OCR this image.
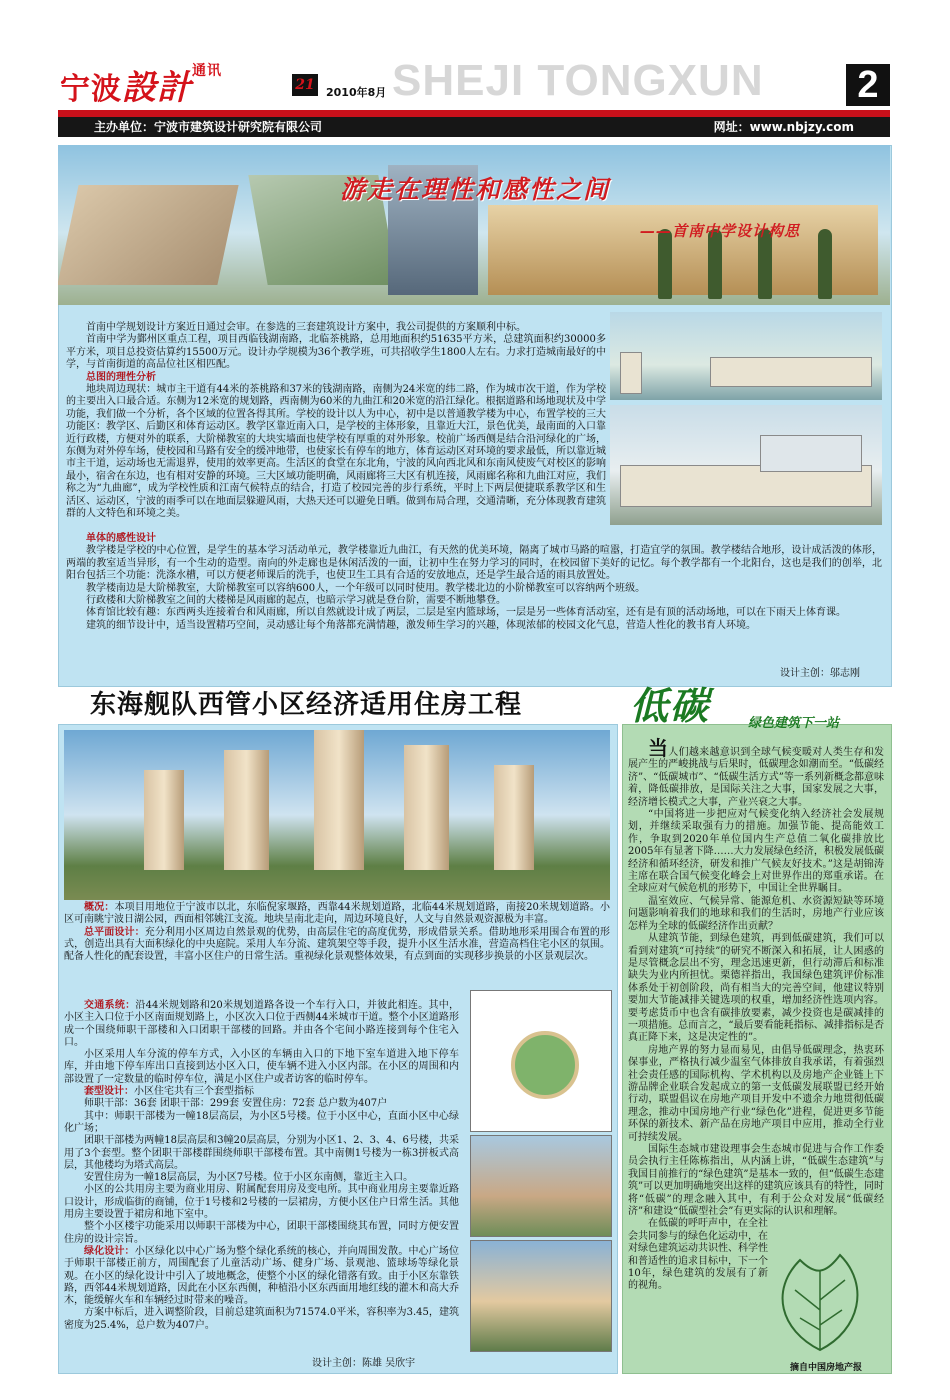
宁波設計$^{通讯}$
21 2010年8月 SHEJI TONGXUN	2
主办单位：宁波市建筑设计研究院有限公司	网址：www.nbjzy.com
游走在理性和感性之间
——首南中学设计构思

首南中学规划设计方案近日通过会审。在参选的三套建筑设计方案中，我公司提供的方案顺利中标。

首南中学为鄞州区重点工程，项目西临钱湖南路，北临茶桃路，总用地面积约51635平方米，总建筑面积约30000多平方米，项目总投资估算约15500万元。设计办学规模为36个教学班，可共招收学生1800人左右。力求打造城南最好的中学，与首南街道的高品位社区相匹配。

总图的理性分析

地块周边现状：城市主干道有44米的茶桃路和37米的钱湖南路，南侧为24米宽的纬二路，作为城市次干道，作为学校的主要出入口最合适。东侧为12米宽的规划路，西南侧为60米的九曲江和20米宽的沿江绿化。根据道路和场地现状及中学功能，我们做一个分析，各个区域的位置各得其所。学校的设计以人为中心，初中是以普通教学楼为中心，布置学校的三大功能区：教学区、后勤区和体育运动区。教学区靠近南入口，是学校的主体形象，且靠近大江，景色优美，最南面的入口靠近行政楼，方便对外的联系，大阶梯教室的大块实墙面也使学校有厚重的对外形象。校前广场西侧是结合沿河绿化的广场，东侧为对外停车场，使校园和马路有安全的缓冲地带，也使家长有停车的地方，体育运动区对环境的要求最低，所以靠近城市主干道，运动场也无需退界，使用的效率更高。生活区的食堂在东北角，宁波的风向西北风和东南风使废气对校区的影响最小，宿舍在东边，也有相对安静的环境。三大区域功能明确，风雨廊将三大区有机连接，风雨廊名称和九曲江对应，我们称之为“九曲廊”，成为学校性质和江南气候特点的结合，打造了校园完善的步行系统，平时上下两层便捷联系教学区和生活区、运动区，宁波的雨季可以在地面层躲避风雨，大热天还可以避免日晒。做到布局合理，交通清晰，充分体现教育建筑群的人文特色和环境之美。

单体的感性设计

教学楼是学校的中心位置，是学生的基本学习活动单元，教学楼靠近九曲江，有天然的优美环境，隔离了城市马路的喧嚣，打造宜学的氛围。教学楼结合地形，设计成活泼的体形，两端的教室适当异形，有一个生动的造型。南向的外走廊也是休闲活泼的一面，让初中生在努力学习的同时，在校园留下美好的记忆。每个教学都有一个北阳台，这也是我们的创举，北阳台包括三个功能：洗涤水槽，可以方便老师课后的洗手，也使卫生工具有合适的安放地点，还是学生最合适的雨具放置处。

教学楼南边是大阶梯教室，大阶梯教室可以容纳600人，一个年级可以同时使用。教学楼北边的小阶梯教室可以容纳两个班级。

行政楼和大阶梯教室之间的大楼梯是风雨廊的起点，也暗示学习就是登台阶，需要不断地攀登。

体育馆比较有趣：东西两头连接着台和风雨廊，所以自然就设计成了两层，二层是室内篮球场，一层是另一些体育活动室，还有是有顶的活动场地，可以在下雨天上体育课。

建筑的细节设计中，适当设置精巧空间，灵动感让每个角落都充满情趣，激发师生学习的兴趣，体现浓郁的校园文化气息，营造人性化的教书育人环境。

设计主创：邬志刚
东海舰队西管小区经济适用住房工程

概况：本项目用地位于宁波市以北，东临倪家堰路，西靠44米规划道路，北临44米规划道路，南接20米规划道路。小区可南眺宁波日湖公园，西面相邻姚江支流。地块呈南北走向，周边环境良好，人文与自然景观资源极为丰富。

总平面设计：充分利用小区周边自然景观的优势，由高层住宅的高度优势，形成借景关系。借助地形采用围合布置的形式，创造出具有大面积绿化的中央庭院。采用人车分流、建筑架空等手段，提升小区生活水准，营造高档住宅小区的氛围。配备人性化的配套设置，丰富小区住户的日常生活。重视绿化景观整体效果，有点到面的实现移步换景的小区景观层次。

交通系统：沿44米规划路和20米规划道路各设一个车行入口，并彼此相连。其中，小区主入口位于小区南面规划路上，小区次入口位于西侧44米城市干道。整个小区道路形成一个围绕师职干部楼和入口团职干部楼的回路。并由各个宅间小路连接到每个住宅入口。

小区采用人车分流的停车方式，入小区的车辆由入口的下地下室车道进入地下停车库，并由地下停车库出口直接到达小区入口，使车辆不进入小区内部。在小区的周围和内部设置了一定数量的临时停车位，满足小区住户或者访客的临时停车。

套型设计：小区住宅共有三个套型指标

师职干部：36套 团职干部：299套 安置住房：72套 总户数为407户

其中：师职干部楼为一幢18层高层，为小区5号楼。位于小区中心，直面小区中心绿化广场；

团职干部楼为两幢18层高层和3幢20层高层，分别为小区1、2、3、4、6号楼，共采用了3个套型。整个团职干部楼群围绕师职干部楼布置。其中南侧1号楼为一栋3拼板式高层，其他楼均为塔式高层。

安置住房为一幢18层高层，为小区7号楼。位于小区东南侧，靠近主入口。

小区的公共用房主要为商业用房、附属配套用房及变电所。其中商业用房主要靠近路口设计，形成临街的商铺，位于1号楼和2号楼的一层裙房，方便小区住户日常生活。其他用房主要设置于裙房和地下室中。

整个小区楼宇功能采用以师职干部楼为中心，团职干部楼围绕其布置，同时方便安置住房的设计宗旨。

绿化设计：小区绿化以中心广场为整个绿化系统的核心，并向周围发散。中心广场位于师职干部楼正前方，周围配套了儿童活动广场、健身广场、景观池、篮球场等绿化景观。在小区的绿化设计中引入了坡地概念，使整个小区的绿化错落有致。由于小区东靠铁路，西邻44米规划道路，因此在小区东西侧，种植沿小区东西面用地红线的灌木和高大乔木，能缓解火车和车辆经过时带来的噪音。

方案中标后，进入调整阶段，目前总建筑面积为71574.0平米，容积率为3.45，建筑密度为25.4%，总户数为407户。

设计主创：陈雄 吴欣宇
低碳	绿色建筑下一站

当人们越来越意识到全球气候变暖对人类生存和发展产生的严峻挑战与后果时，低碳理念如潮而至。“低碳经济”、“低碳城市”、“低碳生活方式”等一系列新概念都意味着，降低碳排放，是国际关注之大事，国家发展之大事，经济增长模式之大事，产业兴衰之大事。

“中国将进一步把应对气候变化纳入经济社会发展规划，并继续采取强有力的措施。加强节能、提高能效工作，争取到2020年单位国内生产总值二氧化碳排放比2005年有显著下降……大力发展绿色经济，积极发展低碳经济和循环经济，研发和推广气候友好技术。”这是胡锦涛主席在联合国气候变化峰会上对世界作出的郑重承诺。在全球应对气候危机的形势下，中国让全世界瞩目。

温室效应、气候异常、能源危机、水资源短缺等环境问题影响着我们的地球和我们的生活时，房地产行业应该怎样为全球的低碳经济作出贡献？

从建筑节能，到绿色建筑，再到低碳建筑，我们可以看到对建筑“可持续”的研究不断深入和拓展，让人困惑的是尽管概念层出不穷，理念迅速更新，但行动滞后和标准缺失为业内所担忧。栗德祥指出，我国绿色建筑评价标准体系处于初创阶段，尚有相当大的完善空间，他建议特别要加大节能减排关键选项的权重，增加经济性选项内容。要考虑货币中也含有碳排放要素，减少投资也是碳减排的一项措施。总而言之，“最后要看能耗指标、减排指标是否真正降下来，这是决定性的”。

房地产界的努力显而易见，由倡导低碳理念，热衷环保事业，严格执行减少温室气体排放自我承诺，有着强烈社会责任感的国际机构、学术机构以及房地产企业链上下游品牌企业联合发起成立的第一支低碳发展联盟已经开始行动，联盟倡议在房地产项目开发中不遗余力地贯彻低碳理念，推动中国房地产行业“绿色化”进程，促进更多节能环保的新技术、新产品在房地产项目中应用，推动全行业可持续发展。

国际生态城市建设理事会生态城市促进与合作工作委员会执行主任陈栋指出，从内涵上讲，“低碳生态建筑”与我国目前推行的“绿色建筑”是基本一致的，但“低碳生态建筑”可以更加明确地突出这样的建筑应该具有的特性，同时将“低碳”的理念融入其中，有利于公众对发展“低碳经济”和建设“低碳型社会”有更实际的认识和理解。

在低碳的呼吁声中，在全社会共同参与的绿色化运动中，在对绿色建筑运动共识性、科学性和普适性的追求目标中，下一个10年，绿色建筑的发展有了新的视角。

摘自中国房地产报
